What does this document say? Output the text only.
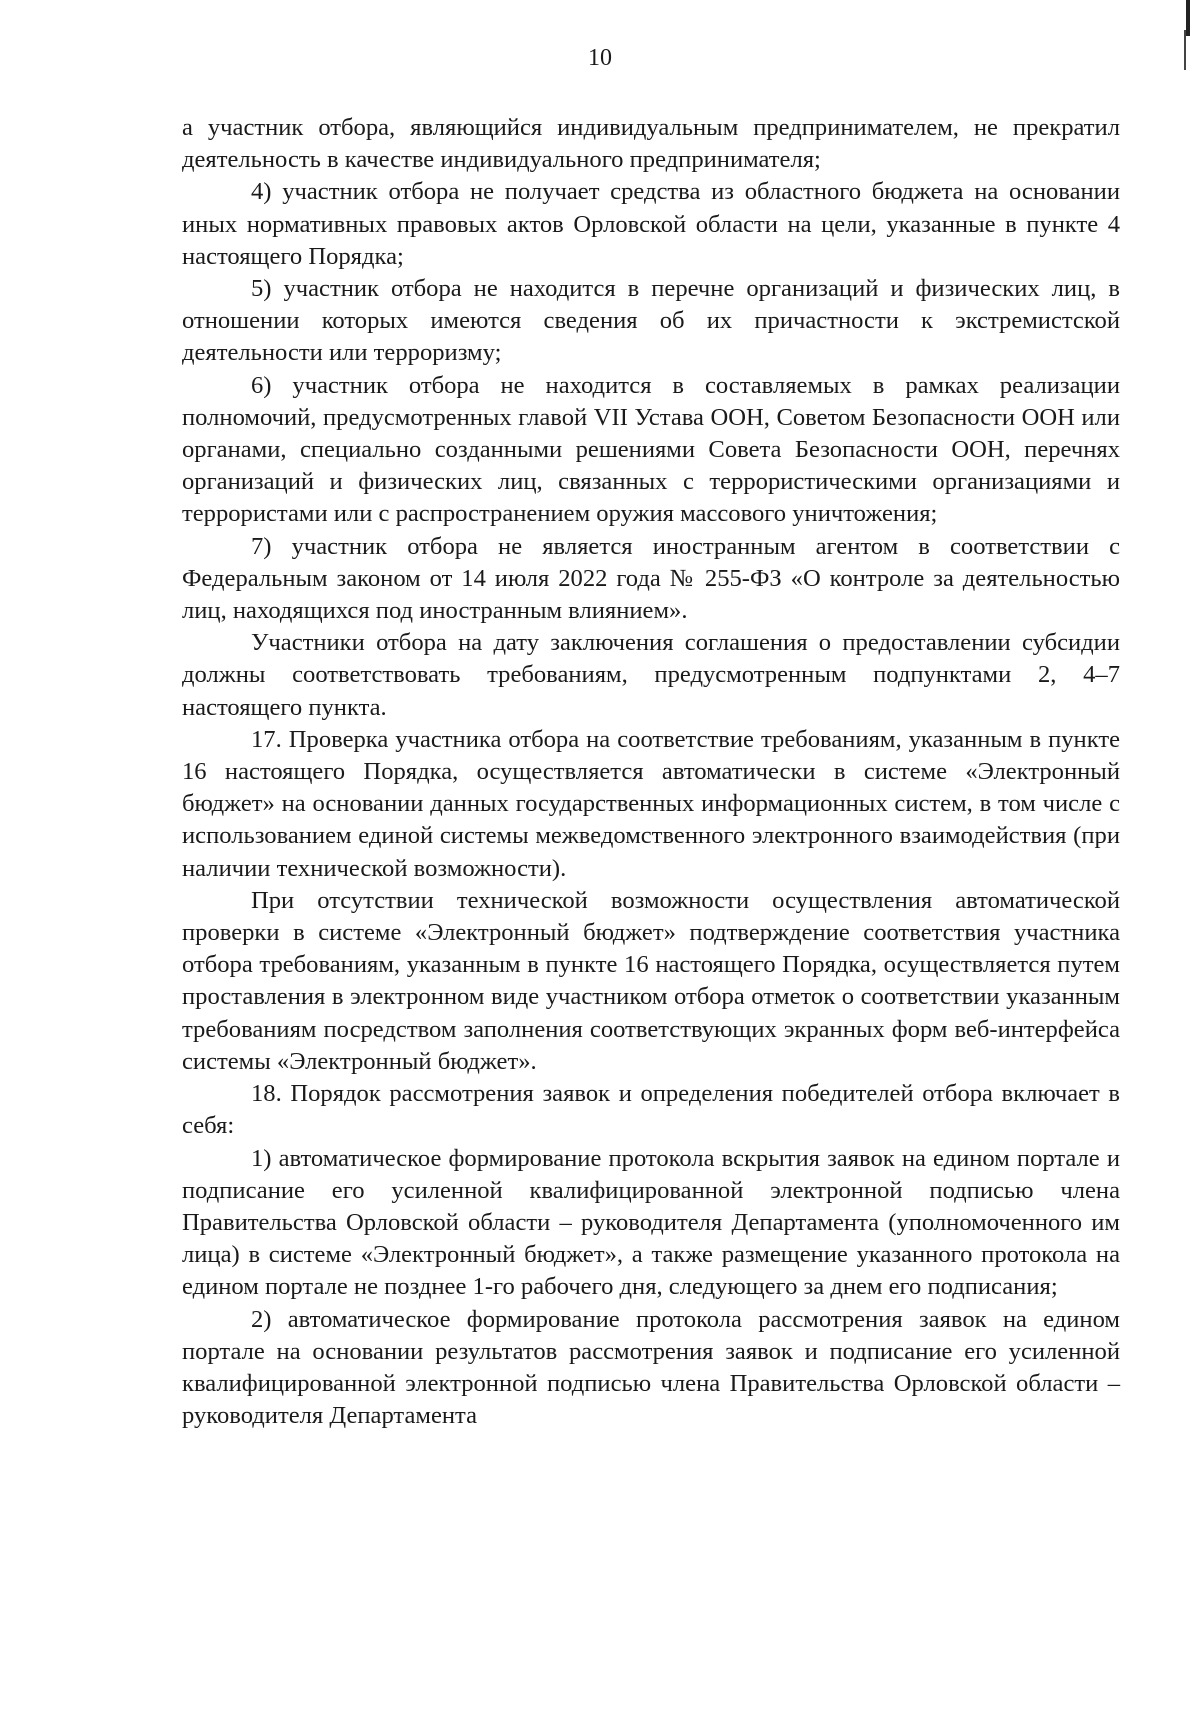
10

а участник отбора, являющийся индивидуальным предпринимателем, не прекратил деятельность в качестве индивидуального предпринимателя;

4) участник отбора не получает средства из областного бюджета на основании иных нормативных правовых актов Орловской области на цели, указанные в пункте 4 настоящего Порядка;

5) участник отбора не находится в перечне организаций и физических лиц, в отношении которых имеются сведения об их причастности к экстремистской деятельности или терроризму;

6) участник отбора не находится в составляемых в рамках реализации полномочий, предусмотренных главой VII Устава ООН, Советом Безопасности ООН или органами, специально созданными решениями Совета Безопасности ООН, перечнях организаций и физических лиц, связанных с террористическими организациями и террористами или с распространением оружия массового уничтожения;

7) участник отбора не является иностранным агентом в соответствии с Федеральным законом от 14 июля 2022 года № 255-ФЗ «О контроле за деятельностью лиц, находящихся под иностранным влиянием».

Участники отбора на дату заключения соглашения о предоставлении субсидии должны соответствовать требованиям, предусмотренным подпунктами 2, 4–7 настоящего пункта.

17. Проверка участника отбора на соответствие требованиям, указанным в пункте 16 настоящего Порядка, осуществляется автоматически в системе «Электронный бюджет» на основании данных государственных информационных систем, в том числе с использованием единой системы межведомственного электронного взаимодействия (при наличии технической возможности).

При отсутствии технической возможности осуществления автоматической проверки в системе «Электронный бюджет» подтверждение соответствия участника отбора требованиям, указанным в пункте 16 настоящего Порядка, осуществляется путем проставления в электронном виде участником отбора отметок о соответствии указанным требованиям посредством заполнения соответствующих экранных форм веб-интерфейса системы «Электронный бюджет».

18. Порядок рассмотрения заявок и определения победителей отбора включает в себя:

1) автоматическое формирование протокола вскрытия заявок на едином портале и подписание его усиленной квалифицированной электронной подписью члена Правительства Орловской области – руководителя Департамента (уполномоченного им лица) в системе «Электронный бюджет», а также размещение указанного протокола на едином портале не позднее 1-го рабочего дня, следующего за днем его подписания;

2) автоматическое формирование протокола рассмотрения заявок на едином портале на основании результатов рассмотрения заявок и подписание его усиленной квалифицированной электронной подписью члена Правительства Орловской области – руководителя Департамента
